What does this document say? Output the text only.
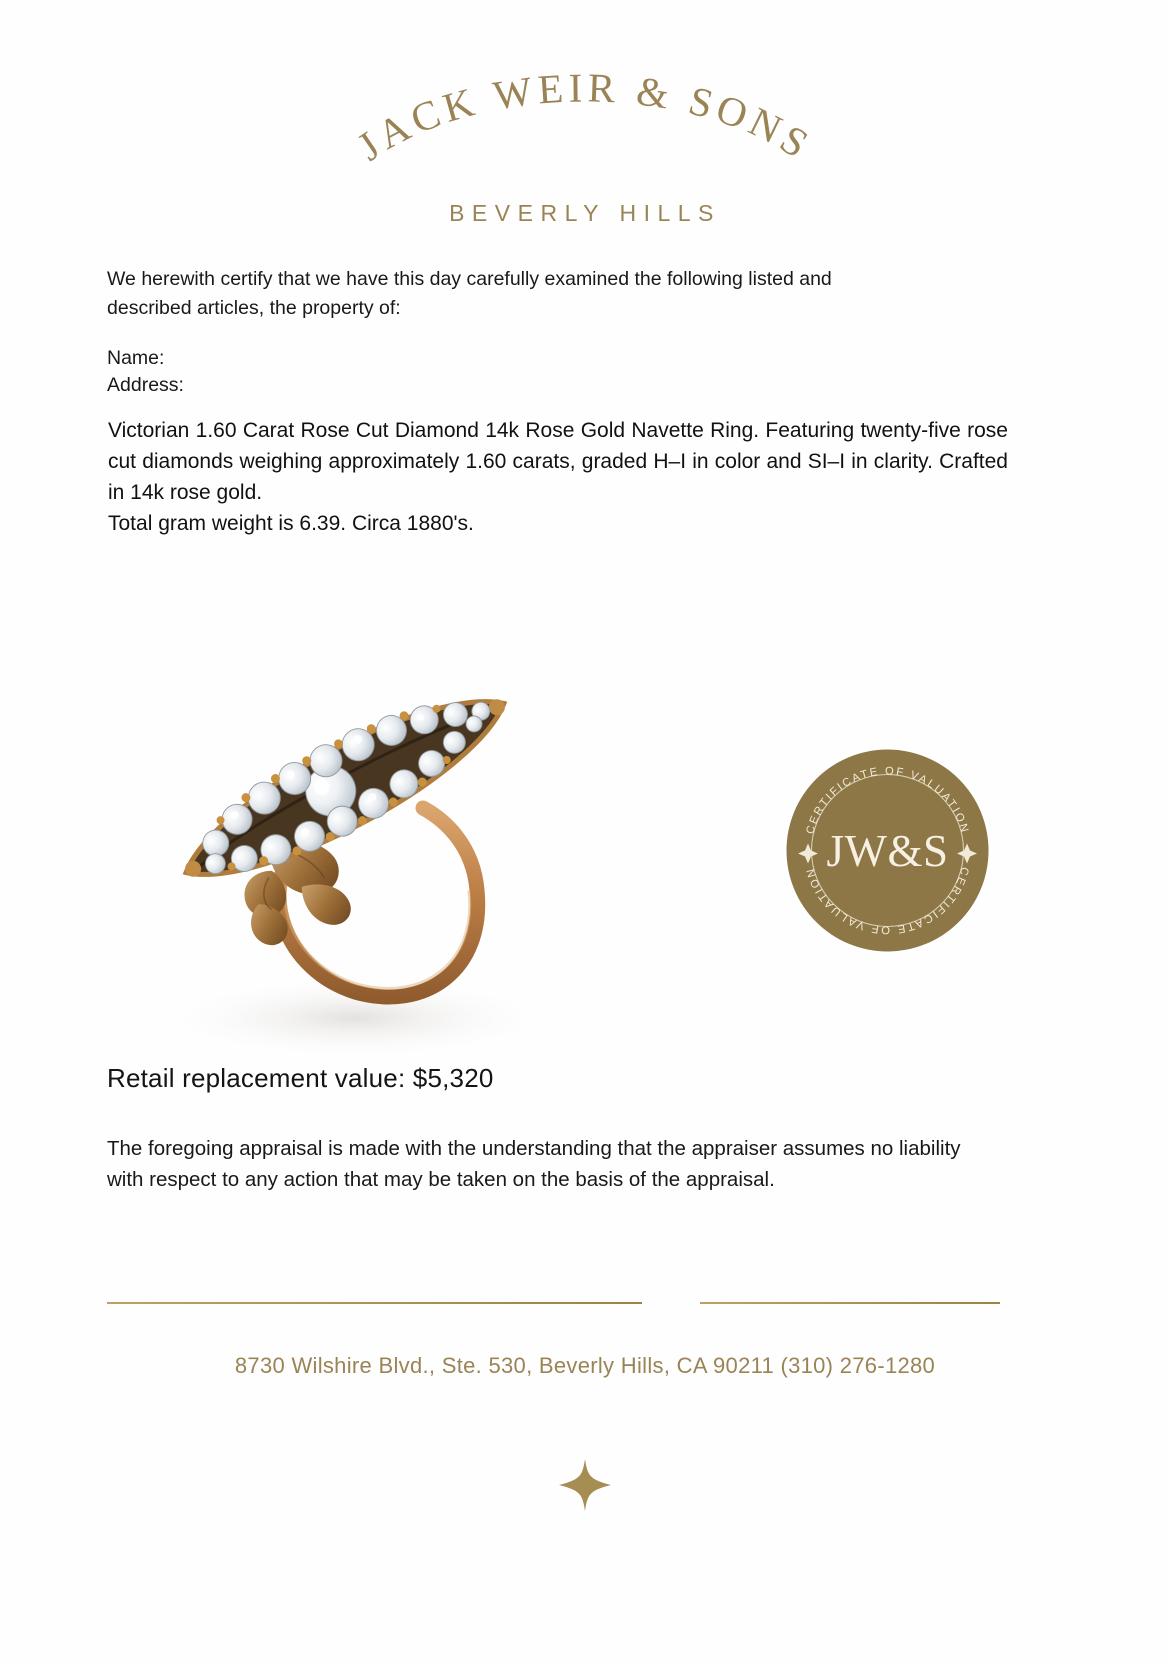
JACK WEIR & SONS
BEVERLY HILLS
We herewith certify that we have this day carefully examined the following listed and described articles, the property of:
Name:
Address:
Victorian 1.60 Carat Rose Cut Diamond 14k Rose Gold Navette Ring. Featuring twenty-five rose cut diamonds weighing approximately 1.60 carats, graded H–I in color and SI–I in clarity. Crafted in 14k rose gold.
Total gram weight is 6.39. Circa 1880's.
CERTIFICATE OF VALUATION
CERTIFICATE OF VALUATION JW&S
Retail replacement value: $5,320
The foregoing appraisal is made with the understanding that the appraiser assumes no liability with respect to any action that may be taken on the basis of the appraisal.
8730 Wilshire Blvd., Ste. 530, Beverly Hills, CA 90211 (310) 276-1280
